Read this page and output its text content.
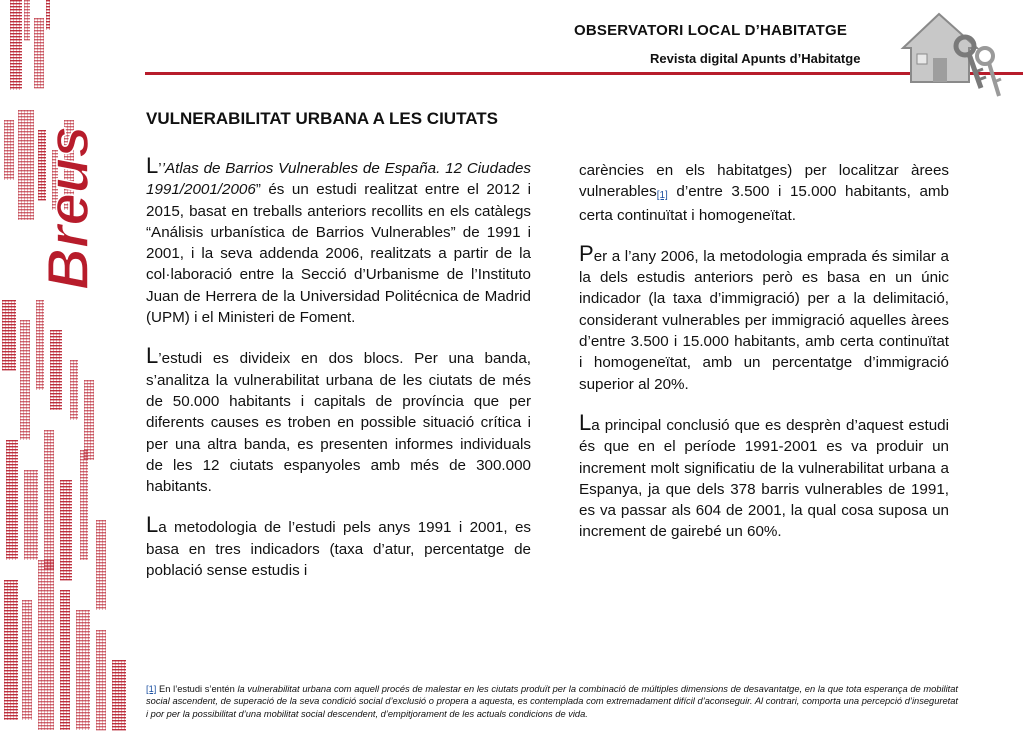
Breus
OBSERVATORI LOCAL D’HABITATGE
Revista digital Apunts d’Habitatge
VULNERABILITAT URBANA A LES CIUTATS

L’’Atlas de Barrios Vulnerables de España. 12 Ciudades 1991/2001/2006” és un estudi realitzat entre el 2012 i 2015, basat en treballs anteriors recollits en els catàlegs “Análisis urbanística de Barrios Vulnerables” de 1991 i 2001, i la seva addenda 2006, realitzats a partir de la col·laboració entre la Secció d’Urbanisme de l’Instituto Juan de Herrera de la Universidad Politécnica de Madrid (UPM) i el Ministeri de Foment.

L’estudi es divideix en dos blocs. Per una banda, s’analitza la vulnerabilitat urbana de les ciutats de més de 50.000 habitants i capitals de província que per diferents causes es troben en possible situació crítica i per una altra banda, es presenten informes individuals de les 12 ciutats espanyoles amb més de 300.000 habitants.

La metodologia de l’estudi pels anys 1991 i 2001, es basa en tres indicadors (taxa d’atur, percentatge de població sense estudis i

carències en els habitatges) per localitzar àrees vulnerables[1] d’entre 3.500 i 15.000 habitants, amb certa continuïtat i homogeneïtat.

Per a l’any 2006, la metodologia emprada és similar a la dels estudis anteriors però es basa en un únic indicador (la taxa d’immigració) per a la delimitació, considerant vulnerables per immigració aquelles àrees d’entre 3.500 i 15.000 habitants, amb certa continuïtat i homogeneïtat, amb un percentatge d’immigració superior al 20%.

La principal conclusió que es desprèn d’aquest estudi és que en el període 1991-2001 es va produir un increment molt significatiu de la vulnerabilitat urbana a Espanya, ja que dels 378 barris vulnerables de 1991, es va passar als 604 de 2001, la qual cosa suposa un increment de gairebé un 60%.

[1] En l’estudi s’entén la vulnerabilitat urbana com aquell procés de malestar en les ciutats produït per la combinació de múltiples dimensions de desavantatge, en la que tota esperança de mobilitat social ascendent, de superació de la seva condició social d’exclusió o propera a aquesta, es contemplada com extremadament difícil d’aconseguir. Al contrari, comporta una percepció d’inseguretat i por per la possibilitat d’una mobilitat social descendent, d’empitjorament de les actuals condicions de vida.
